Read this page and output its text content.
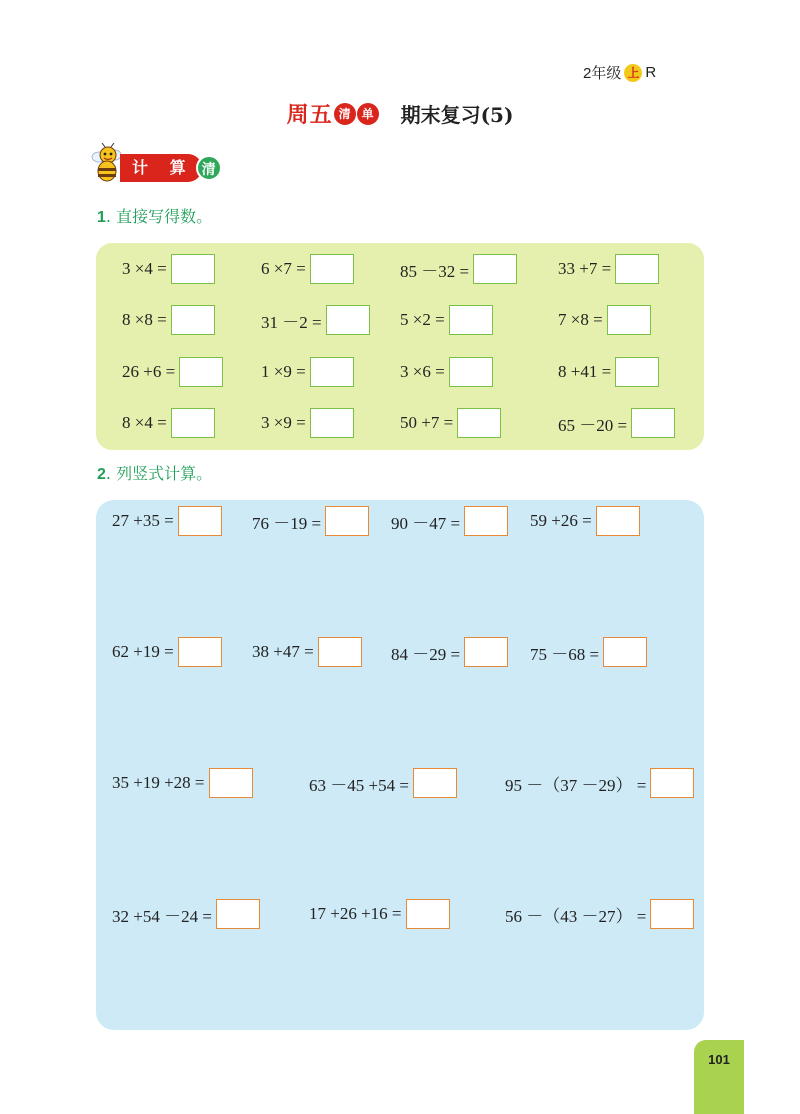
2年级 上 R
周五 清 单 期末复习(5)
计 算 清
1. 直接写得数。
3 ×4 =	6 ×7 =	85 －32 =	33 +7 =
8 ×8 =	31 －2 =	5 ×2 =	7 ×8 =
26 +6 =	1 ×9 =	3 ×6 =	8 +41 =
8 ×4 =	3 ×9 =	50 +7 =	65 －20 =
2. 列竖式计算。
27 +35 =	76 －19 =	90 －47 =	59 +26 =
62 +19 =	38 +47 =	84 －29 =	75 －68 =
35 +19 +28 =	63 －45 +54 =	95 －（37 －29） =
32 +54 －24 =	17 +26 +16 =	56 －（43 －27） =
101
